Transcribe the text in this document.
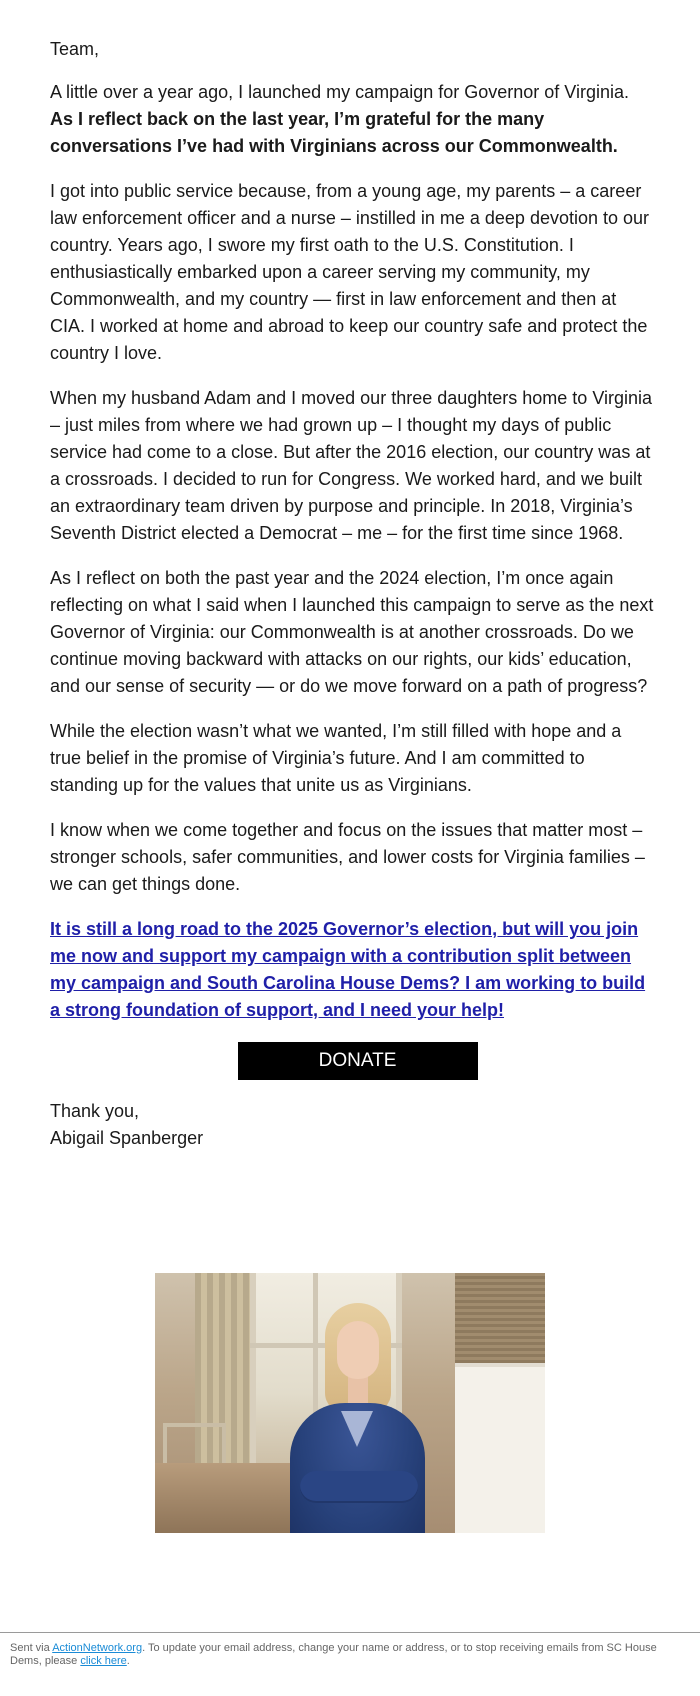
Team,

A little over a year ago, I launched my campaign for Governor of Virginia. As I reflect back on the last year, I’m grateful for the many conversations I’ve had with Virginians across our Commonwealth.

I got into public service because, from a young age, my parents – a career law enforcement officer and a nurse – instilled in me a deep devotion to our country. Years ago, I swore my first oath to the U.S. Constitution. I enthusiastically embarked upon a career serving my community, my Commonwealth, and my country — first in law enforcement and then at CIA. I worked at home and abroad to keep our country safe and protect the country I love.

When my husband Adam and I moved our three daughters home to Virginia – just miles from where we had grown up – I thought my days of public service had come to a close. But after the 2016 election, our country was at a crossroads. I decided to run for Congress. We worked hard, and we built an extraordinary team driven by purpose and principle. In 2018, Virginia’s Seventh District elected a Democrat – me – for the first time since 1968.

As I reflect on both the past year and the 2024 election, I’m once again reflecting on what I said when I launched this campaign to serve as the next Governor of Virginia: our Commonwealth is at another crossroads. Do we continue moving backward with attacks on our rights, our kids’ education, and our sense of security — or do we move forward on a path of progress?

While the election wasn’t what we wanted, I’m still filled with hope and a true belief in the promise of Virginia’s future. And I am committed to standing up for the values that unite us as Virginians.

I know when we come together and focus on the issues that matter most – stronger schools, safer communities, and lower costs for Virginia families – we can get things done.

It is still a long road to the 2025 Governor’s election, but will you join me now and support my campaign with a contribution split between my campaign and South Carolina House Dems? I am working to build a strong foundation of support, and I need your help!
DONATE
Thank you,
Abigail Spanberger
Sent via ActionNetwork.org. To update your email address, change your name or address, or to stop receiving emails from SC House Dems, please click here.
